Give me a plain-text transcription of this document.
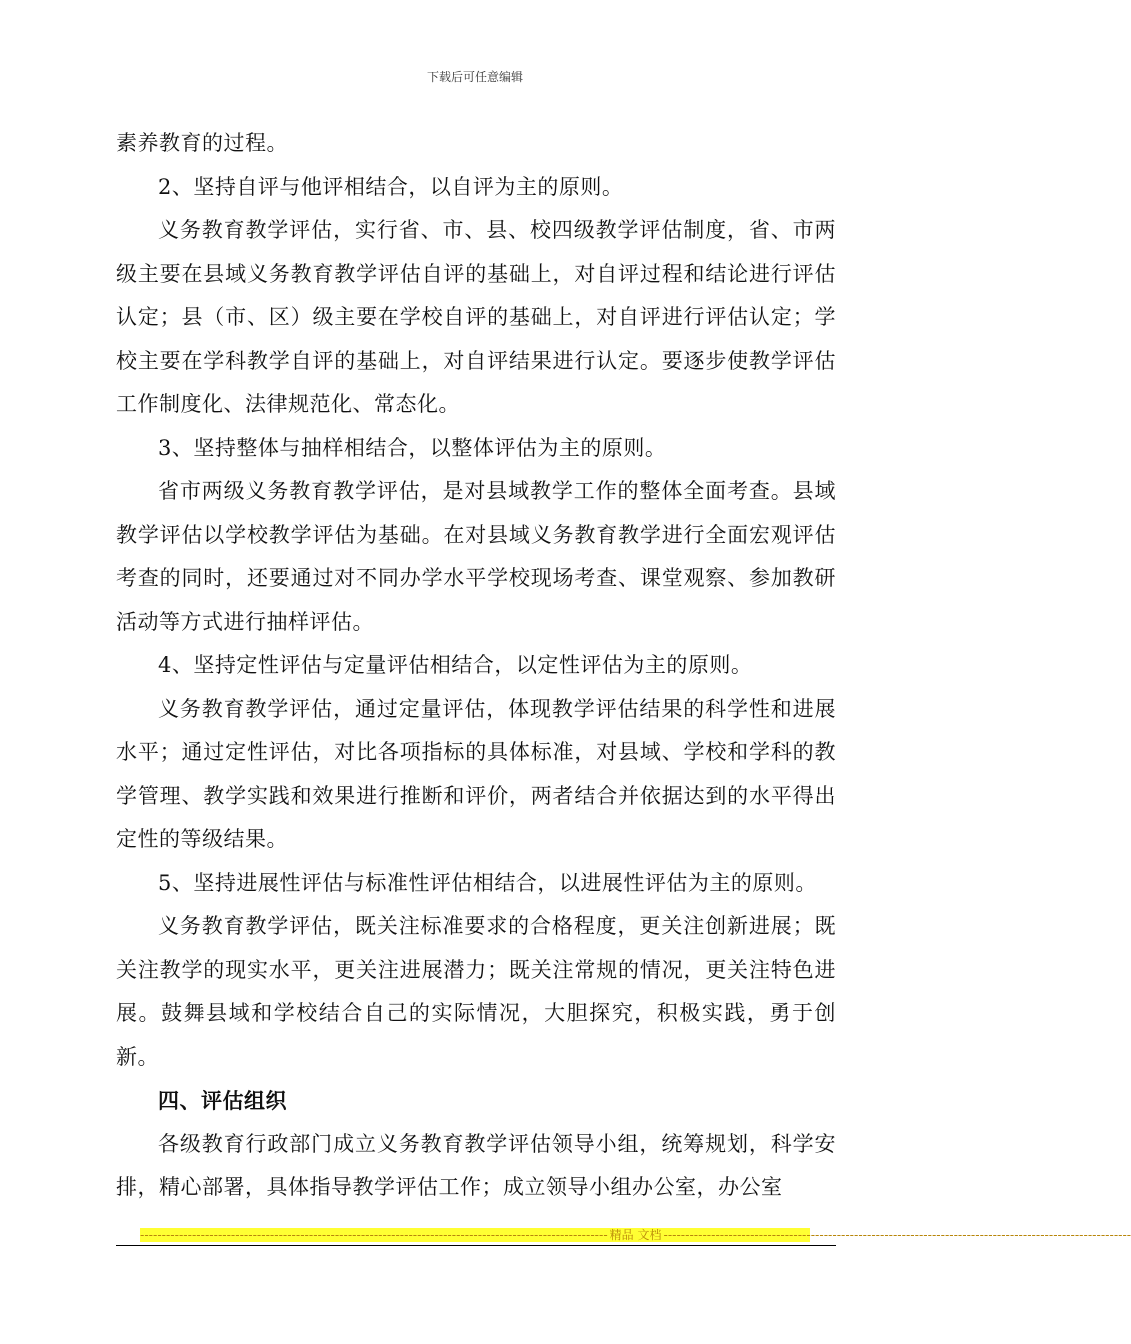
下载后可任意编辑

素养教育的过程。

2、坚持自评与他评相结合，以自评为主的原则。

义务教育教学评估，实行省、市、县、校四级教学评估制度，省、市两级主要在县域义务教育教学评估自评的基础上，对自评过程和结论进行评估认定；县（市、区）级主要在学校自评的基础上，对自评进行评估认定；学校主要在学科教学自评的基础上，对自评结果进行认定。要逐步使教学评估工作制度化、法律规范化、常态化。

3、坚持整体与抽样相结合，以整体评估为主的原则。

省市两级义务教育教学评估，是对县域教学工作的整体全面考查。县域教学评估以学校教学评估为基础。在对县域义务教育教学进行全面宏观评估考查的同时，还要通过对不同办学水平学校现场考查、课堂观察、参加教研活动等方式进行抽样评估。

4、坚持定性评估与定量评估相结合，以定性评估为主的原则。

义务教育教学评估，通过定量评估，体现教学评估结果的科学性和进展水平；通过定性评估，对比各项指标的具体标准，对县域、学校和学科的教学管理、教学实践和效果进行推断和评价，两者结合并依据达到的水平得出定性的等级结果。

5、坚持进展性评估与标准性评估相结合，以进展性评估为主的原则。

义务教育教学评估，既关注标准要求的合格程度，更关注创新进展；既关注教学的现实水平，更关注进展潜力；既关注常规的情况，更关注特色进展。鼓舞县域和学校结合自己的实际情况，大胆探究，积极实践，勇于创新。

四、评估组织

各级教育行政部门成立义务教育教学评估领导小组，统筹规划，科学安排，精心部署，具体指导教学评估工作；成立领导小组办公室，办公室

------------------------------------------------------------------------------------------------------------ 精品 文档 ------------------------------------------------------------------------------------------------------------
